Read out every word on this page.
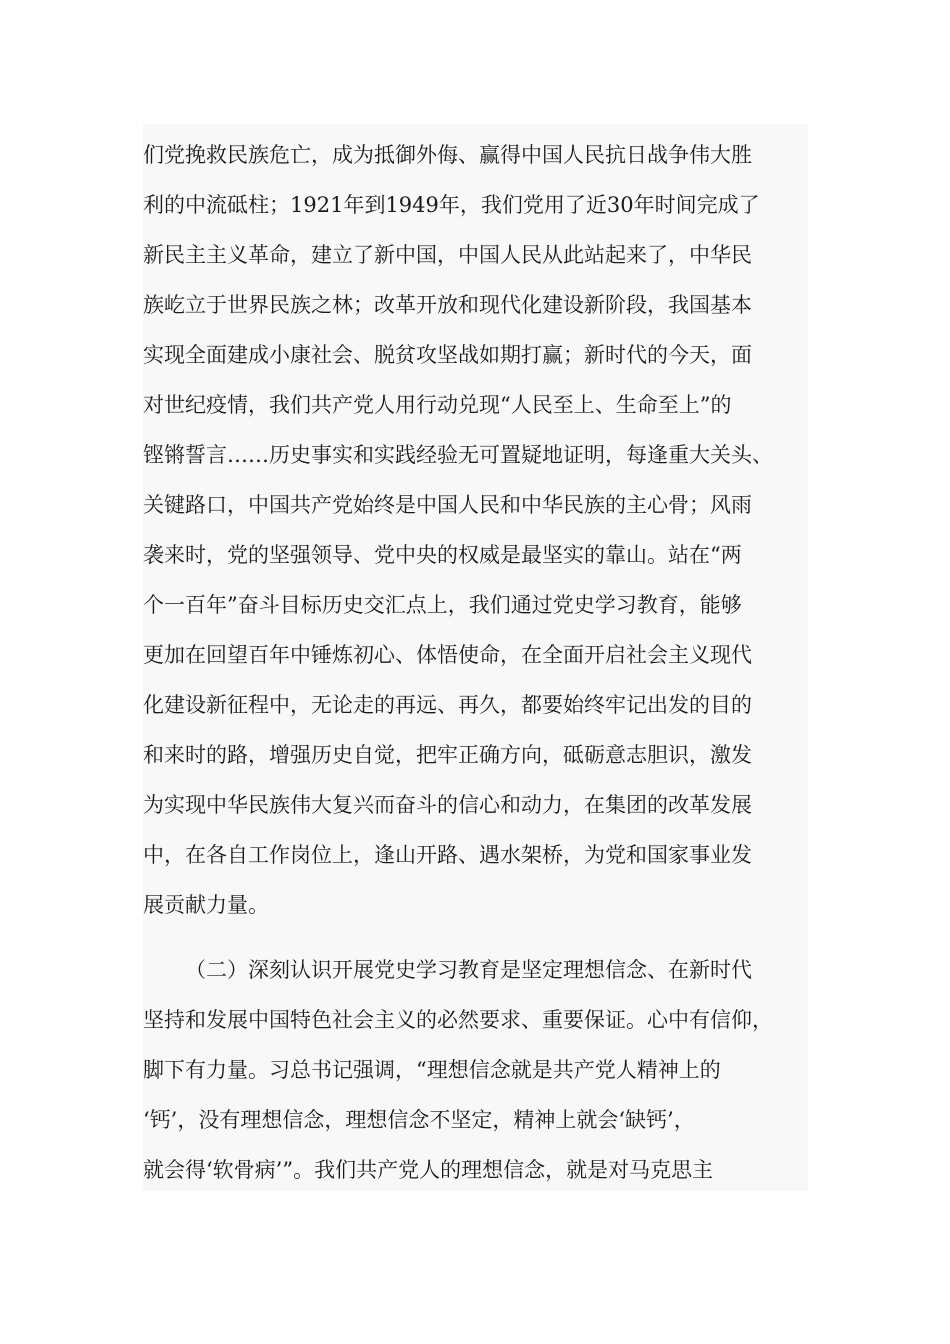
们党挽救民族危亡，成为抵御外侮、赢得中国人民抗日战争伟大胜
利的中流砥柱；1921年到1949年，我们党用了近30年时间完成了
新民主主义革命，建立了新中国，中国人民从此站起来了，中华民
族屹立于世界民族之林；改革开放和现代化建设新阶段，我国基本
实现全面建成小康社会、脱贫攻坚战如期打赢；新时代的今天，面
对世纪疫情，我们共产党人用行动兑现“人民至上、生命至上”的
铿锵誓言……历史事实和实践经验无可置疑地证明，每逢重大关头、
关键路口，中国共产党始终是中国人民和中华民族的主心骨；风雨
袭来时，党的坚强领导、党中央的权威是最坚实的靠山。站在“两
个一百年”奋斗目标历史交汇点上，我们通过党史学习教育，能够
更加在回望百年中锤炼初心、体悟使命，在全面开启社会主义现代
化建设新征程中，无论走的再远、再久，都要始终牢记出发的目的
和来时的路，增强历史自觉，把牢正确方向，砥砺意志胆识，激发
为实现中华民族伟大复兴而奋斗的信心和动力，在集团的改革发展
中，在各自工作岗位上，逢山开路、遇水架桥，为党和国家事业发
展贡献力量。
（二）深刻认识开展党史学习教育是坚定理想信念、在新时代
坚持和发展中国特色社会主义的必然要求、重要保证。心中有信仰，
脚下有力量。习总书记强调，“理想信念就是共产党人精神上的
‘钙’，没有理想信念，理想信念不坚定，精神上就会‘缺钙’，
就会得‘软骨病’”。我们共产党人的理想信念，就是对马克思主
